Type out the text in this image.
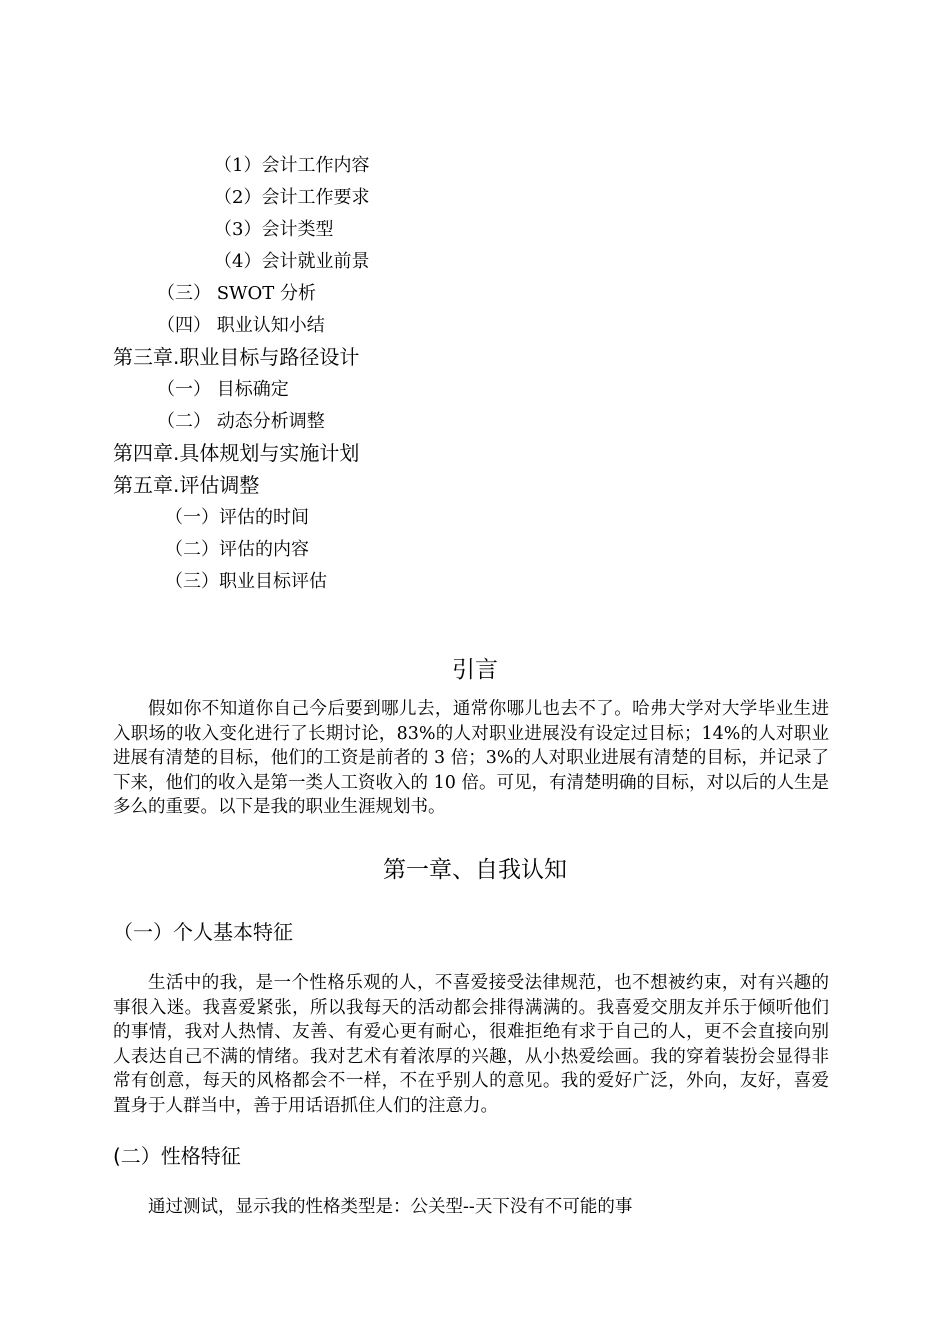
（1）会计工作内容
（2）会计工作要求
（3）会计类型
（4）会计就业前景
（三） SWOT 分析
（四） 职业认知小结
第三章.职业目标与路径设计
（一） 目标确定
（二） 动态分析调整
第四章.具体规划与实施计划
第五章.评估调整
（一）评估的时间
（二）评估的内容
（三）职业目标评估
引言

假如你不知道你自己今后要到哪儿去，通常你哪儿也去不了。哈弗大学对大学毕业生进入职场的收入变化进行了长期讨论，83%的人对职业进展没有设定过目标；14%的人对职业进展有清楚的目标，他们的工资是前者的 3 倍；3%的人对职业进展有清楚的目标，并记录了下来，他们的收入是第一类人工资收入的 10 倍。可见，有清楚明确的目标，对以后的人生是多么的重要。以下是我的职业生涯规划书。

第一章、自我认知
（一）个人基本特征

生活中的我，是一个性格乐观的人，不喜爱接受法律规范，也不想被约束，对有兴趣的事很入迷。我喜爱紧张，所以我每天的活动都会排得满满的。我喜爱交朋友并乐于倾听他们的事情，我对人热情、友善、有爱心更有耐心，很难拒绝有求于自己的人，更不会直接向别人表达自己不满的情绪。我对艺术有着浓厚的兴趣，从小热爱绘画。我的穿着装扮会显得非常有创意，每天的风格都会不一样，不在乎别人的意见。我的爱好广泛，外向，友好，喜爱置身于人群当中，善于用话语抓住人们的注意力。

(二）性格特征

通过测试，显示我的性格类型是：公关型--天下没有不可能的事
